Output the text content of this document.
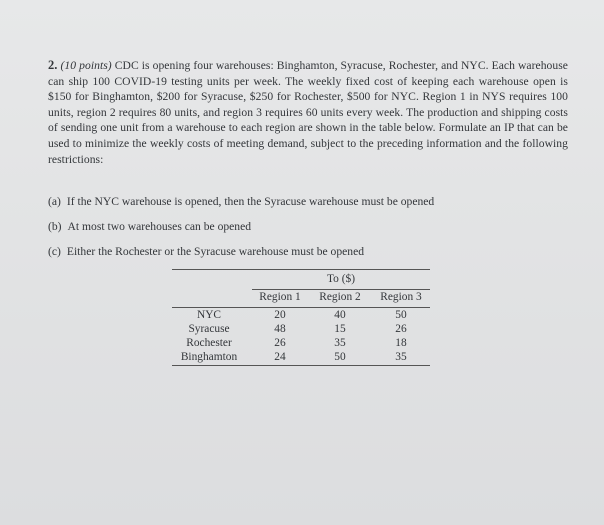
2. (10 points) CDC is opening four warehouses: Binghamton, Syracuse, Rochester, and NYC. Each warehouse can ship 100 COVID-19 testing units per week. The weekly fixed cost of keeping each warehouse open is $150 for Binghamton, $200 for Syracuse, $250 for Rochester, $500 for NYC. Region 1 in NYS requires 100 units, region 2 requires 80 units, and region 3 requires 60 units every week. The production and shipping costs of sending one unit from a warehouse to each region are shown in the table below. Formulate an IP that can be used to minimize the weekly costs of meeting demand, subject to the preceding information and the following restrictions:

(a) If the NYC warehouse is opened, then the Syracuse warehouse must be opened
(b) At most two warehouses can be opened
(c) Either the Rochester or the Syracuse warehouse must be opened
To ($)
Region 1	Region 2	Region 3
NYC	20	40	50
Syracuse	48	15	26
Rochester	26	35	18
Binghamton	24	50	35
